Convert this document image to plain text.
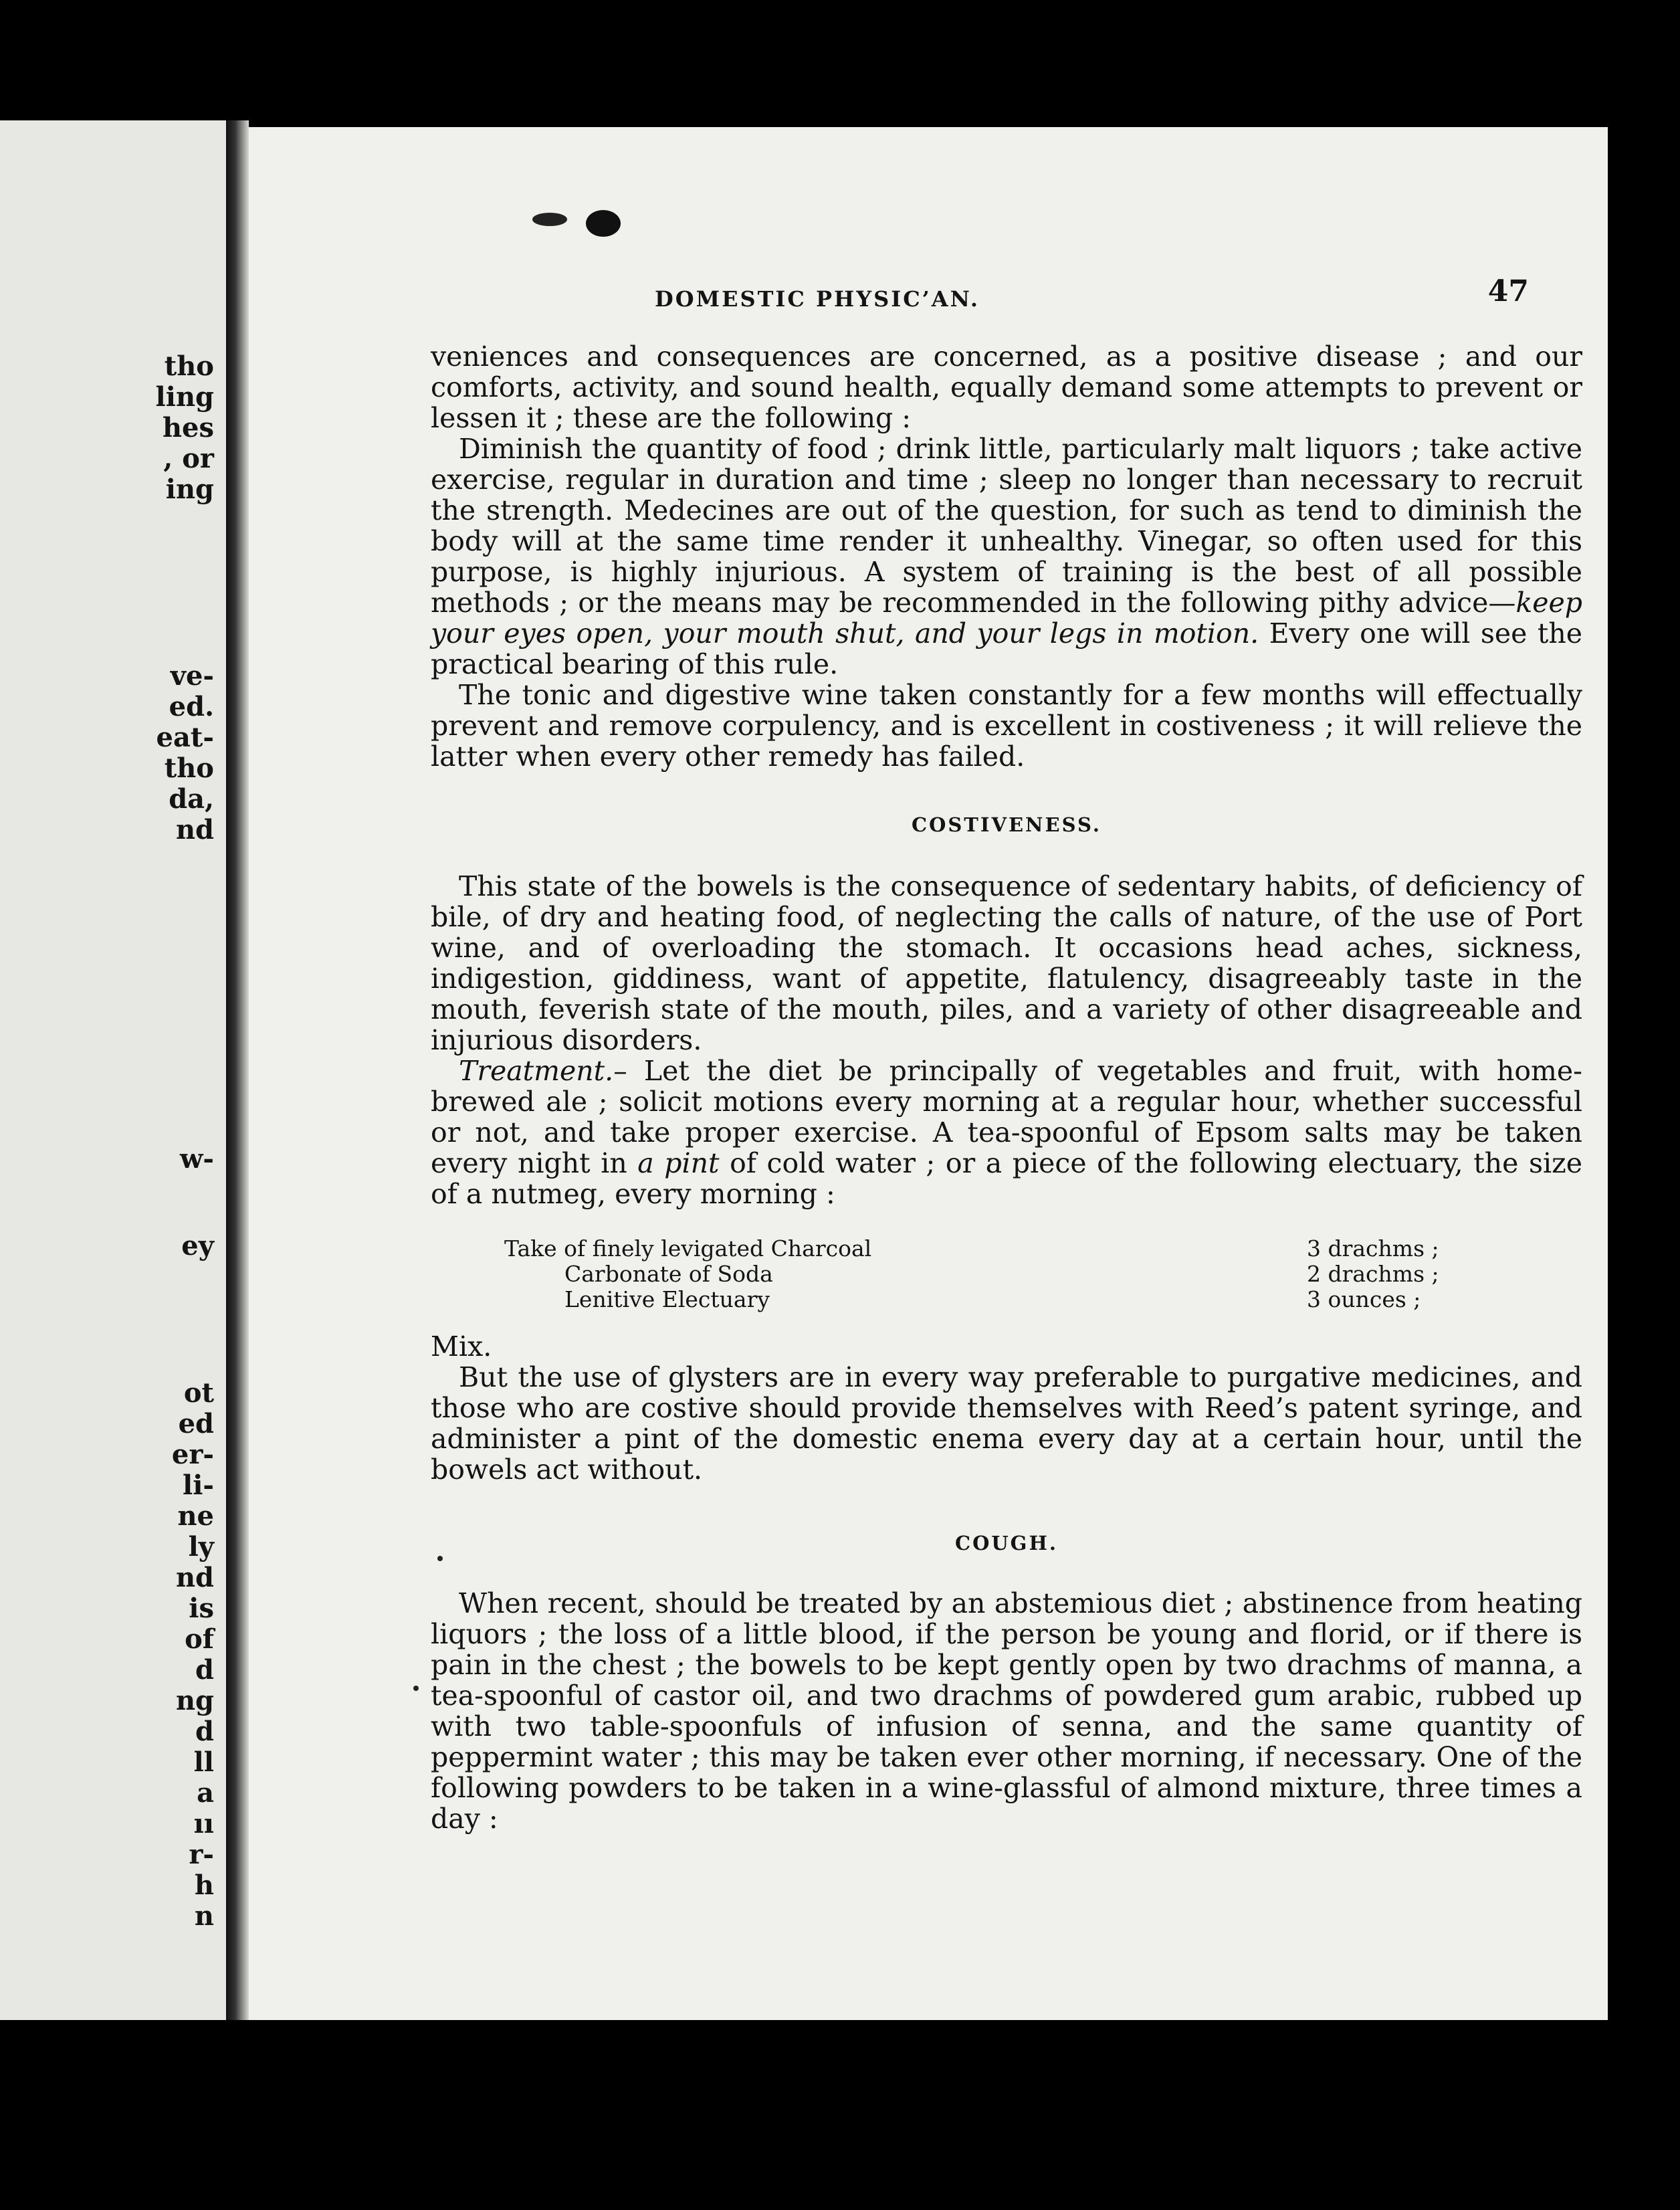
tho
ling
hes
, or
ing
ve-
ed.
eat-
tho
da,
nd
w-
ey
ot
ed
er-
li-
ne
ly
nd
is
of
d
ng
d
ll
a
ıı
r-
h
n
DOMESTIC PHYSIC’AN.	47

veniences and consequences are concerned, as a positive disease ; and our comforts, activity, and sound health, equally demand some attempts to prevent or lessen it ; these are the following :

Diminish the quantity of food ; drink little, particularly malt liquors ; take active exercise, regular in duration and time ; sleep no longer than necessary to recruit the strength. Medecines are out of the question, for such as tend to diminish the body will at the same time render it unhealthy. Vinegar, so often used for this purpose, is highly injurious. A system of training is the best of all possible methods ; or the means may be recommended in the following pithy advice—keep your eyes open, your mouth shut, and your legs in motion. Every one will see the practical bearing of this rule.

The tonic and digestive wine taken constantly for a few months will effectually prevent and remove corpulency, and is excellent in costiveness ; it will relieve the latter when every other remedy has failed.

COSTIVENESS.

This state of the bowels is the consequence of sedentary habits, of deficiency of bile, of dry and heating food, of neglecting the calls of nature, of the use of Port wine, and of overloading the stomach. It occasions head aches, sickness, indigestion, giddiness, want of appetite, flatulency, disagreeably taste in the mouth, feverish state of the mouth, piles, and a variety of other disagreeable and injurious disorders.

Treatment.– Let the diet be principally of vegetables and fruit, with home-brewed ale ; solicit motions every morning at a regular hour, whether successful or not, and take proper exercise. A tea-spoonful of Epsom salts may be taken every night in a pint of cold water ; or a piece of the following electuary, the size of a nutmeg, every morning :

Take of finely levigated Charcoal	3 drachms ;
Carbonate of Soda	2 drachms ;
Lenitive Electuary	3 ounces ;

Mix.

But the use of glysters are in every way preferable to purgative medicines, and those who are costive should provide themselves with Reed’s patent syringe, and administer a pint of the domestic enema every day at a certain hour, until the bowels act without.

COUGH.

When recent, should be treated by an abstemious diet ; abstinence from heating liquors ; the loss of a little blood, if the person be young and florid, or if there is pain in the chest ; the bowels to be kept gently open by two drachms of manna, a tea-spoonful of castor oil, and two drachms of powdered gum arabic, rubbed up with two table-spoonfuls of infusion of senna, and the same quantity of peppermint water ; this may be taken ever other morning, if necessary. One of the following powders to be taken in a wine-glassful of almond mixture, three times a day :
